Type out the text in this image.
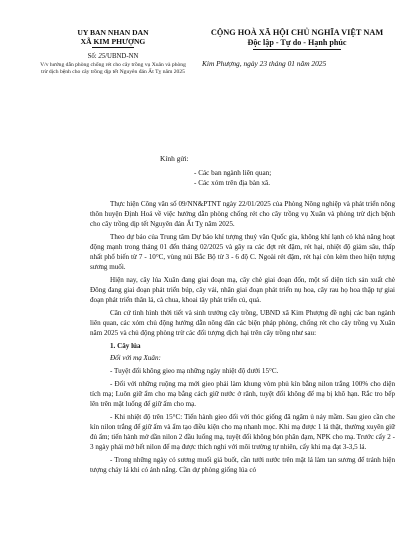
UY BAN NHAN DAN
XÃ KIM PHƯỢNG
Số: 25/UBND-NN
V/v hướng dẫn phòng chống rét cho cây trồng vụ Xuân và phòng trừ dịch bệnh cho cây trồng dịp tết Nguyên đán Ất Tỵ năm 2025
CỘNG HOÀ XÃ HỘI CHỦ NGHĨA VIỆT NAM
Độc lập - Tự do - Hạnh phúc
Kim Phượng, ngày 23 tháng 01 năm 2025
Kính gửi:
- Các ban ngành liên quan;
- Các xóm trên địa bàn xã.

Thực hiện Công văn số 09/NN&PTNT ngày 22/01/2025 của Phòng Nông nghiệp và phát triển nông thôn huyện Định Hoá về việc hướng dẫn phòng chống rét cho cây trồng vụ Xuân và phòng trừ dịch bệnh cho cây trồng dịp tết Nguyên đán Ất Tỵ năm 2025.

Theo dự báo của Trung tâm Dự báo khí tượng thuỷ văn Quốc gia, không khí lạnh có khả năng hoạt động mạnh trong tháng 01 đến tháng 02/2025 và gây ra các đợt rét đậm, rét hại, nhiệt độ giảm sâu, thấp nhất phổ biến từ 7 - 10°C, vùng núi Bắc Bộ từ 3 - 6 độ C. Ngoài rét đậm, rét hại còn kèm theo hiện tượng sương muối.

Hiện nay, cây lúa Xuân đang giai đoạn mạ, cây chè giai đoạn đốn, một số diện tích sản xuất chè Đông đang giai đoạn phát triển búp, cây vải, nhãn giai đoạn phát triển nụ hoa, cây rau họ hoa thập tự giai đoạn phát triển thân lá, cà chua, khoai tây phát triển củ, quả.

Căn cứ tình hình thời tiết và sinh trưởng cây trồng, UBND xã Kim Phượng đề nghị các ban ngành liên quan, các xóm chủ động hướng dẫn nông dân các biện pháp phòng, chống rét cho cây trồng vụ Xuân năm 2025 và chủ động phòng trừ các đối tượng dịch hại trên cây trồng như sau:

1. Cây lúa

Đối với mạ Xuân:

- Tuyệt đối không gieo mạ những ngày nhiệt độ dưới 15°C.

- Đối với những ruộng mạ mới gieo phải làm khung vòm phủ kín bằng nilon trắng 100% cho diện tích mạ; Luôn giữ ẩm cho mạ bằng cách giữ nước ở rãnh, tuyệt đối không để mạ bị khô hạn. Rắc tro bếp lên trên mặt luống để giữ ấm cho mạ.

- Khi nhiệt độ trên 15°C: Tiến hành gieo đối với thóc giống đã ngâm ủ nảy mầm. Sau gieo cần che kín nilon trắng để giữ ấm và ẩm tạo điều kiện cho mạ nhanh mọc. Khi mạ được 1 lá thật, thường xuyên giữ đủ ẩm; tiến hành mở dần nilon 2 đầu luống mạ, tuyệt đối không bón phân đạm, NPK cho mạ. Trước cấy 2 - 3 ngày phải mở hết nilon để mạ được thích nghi với môi trường tự nhiên, cấy khi mạ đạt 3-3,5 lá.

- Trong những ngày có sương muối giá buốt, cần tưới nước trên mặt lá làm tan sương để tránh hiện tượng cháy lá khi có ánh nắng. Cần dự phòng giống lúa có
